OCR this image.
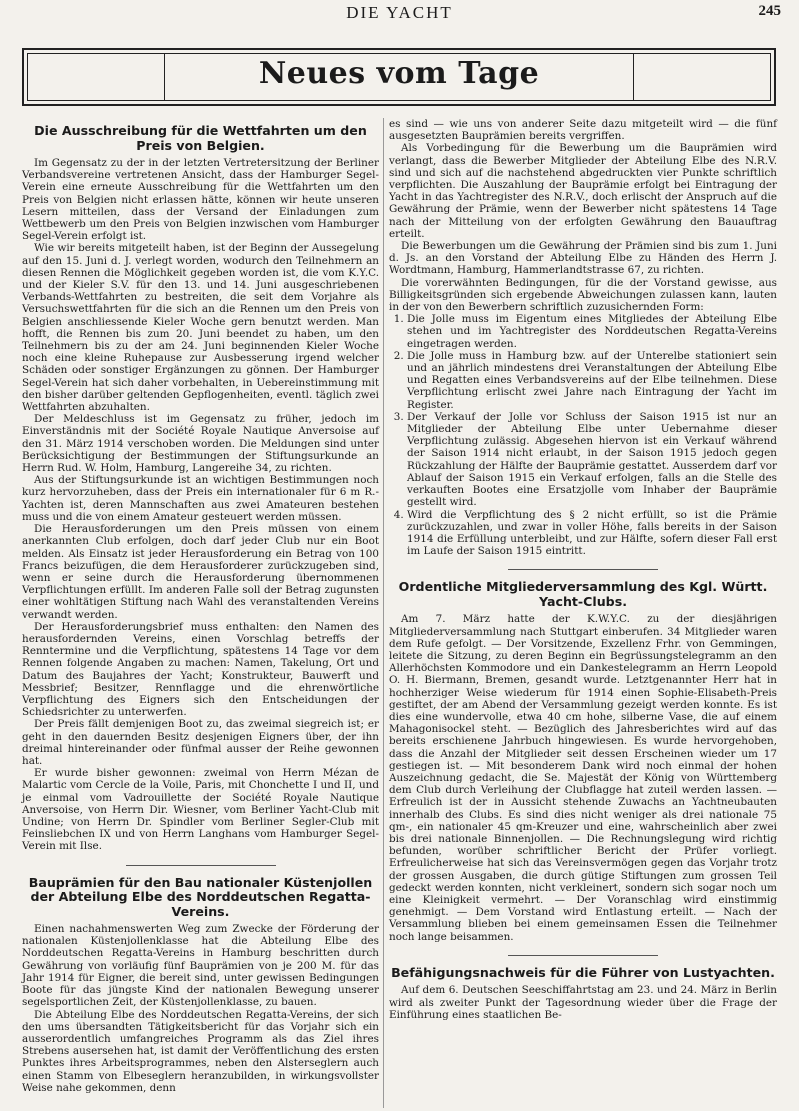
DIE YACHT	245
Neues vom Tage
Die Ausschreibung für die Wettfahrten um den Preis von Belgien.

Im Gegensatz zu der in der letzten Vertretersitzung der Berliner Verbandsvereine vertretenen Ansicht, dass der Hamburger Segel-Verein eine erneute Ausschreibung für die Wettfahrten um den Preis von Belgien nicht erlassen hätte, können wir heute unseren Lesern mitteilen, dass der Versand der Einladungen zum Wettbewerb um den Preis von Belgien inzwischen vom Hamburger Segel-Verein erfolgt ist.

Wie wir bereits mitgeteilt haben, ist der Beginn der Aussegelung auf den 15. Juni d. J. verlegt worden, wodurch den Teilnehmern an diesen Rennen die Möglichkeit gegeben worden ist, die vom K.Y.C. und der Kieler S.V. für den 13. und 14. Juni ausgeschriebenen Verbands-Wettfahrten zu bestreiten, die seit dem Vorjahre als Versuchswettfahrten für die sich an die Rennen um den Preis von Belgien anschliessende Kieler Woche gern benutzt werden. Man hofft, die Rennen bis zum 20. Juni beendet zu haben, um den Teilnehmern bis zu der am 24. Juni beginnenden Kieler Woche noch eine kleine Ruhepause zur Ausbesserung irgend welcher Schäden oder sonstiger Ergänzungen zu gönnen. Der Hamburger Segel-Verein hat sich daher vorbehalten, in Uebereinstimmung mit den bisher darüber geltenden Gepflogenheiten, eventl. täglich zwei Wettfahrten abzuhalten.

Der Meldeschluss ist im Gegensatz zu früher, jedoch im Einverständnis mit der Société Royale Nautique Anversoise auf den 31. März 1914 verschoben worden. Die Meldungen sind unter Berücksichtigung der Bestimmungen der Stiftungsurkunde an Herrn Rud. W. Holm, Hamburg, Langereihe 34, zu richten.

Aus der Stiftungsurkunde ist an wichtigen Bestimmungen noch kurz hervorzuheben, dass der Preis ein internationaler für 6 m R.-Yachten ist, deren Mannschaften aus zwei Amateuren bestehen muss und die von einem Amateur gesteuert werden müssen.

Die Herausforderungen um den Preis müssen von einem anerkannten Club erfolgen, doch darf jeder Club nur ein Boot melden. Als Einsatz ist jeder Herausforderung ein Betrag von 100 Francs beizufügen, die dem Herausforderer zurückzugeben sind, wenn er seine durch die Herausforderung übernommenen Verpflichtungen erfüllt. Im anderen Falle soll der Betrag zugunsten einer wohltätigen Stiftung nach Wahl des veranstaltenden Vereins verwandt werden.

Der Herausforderungsbrief muss enthalten: den Namen des herausfordernden Vereins, einen Vorschlag betreffs der Renntermine und die Verpflichtung, spätestens 14 Tage vor dem Rennen folgende Angaben zu machen: Namen, Takelung, Ort und Datum des Baujahres der Yacht; Konstrukteur, Bauwerft und Messbrief; Besitzer, Rennflagge und die ehrenwörtliche Verpflichtung des Eigners sich den Entscheidungen der Schiedsrichter zu unterwerfen.

Der Preis fällt demjenigen Boot zu, das zweimal siegreich ist; er geht in den dauernden Besitz desjenigen Eigners über, der ihn dreimal hintereinander oder fünfmal ausser der Reihe gewonnen hat.

Er wurde bisher gewonnen: zweimal von Herrn Mézan de Malartic vom Cercle de la Voile, Paris, mit Chonchette I und II, und je einmal vom Vadrouillette der Société Royale Nautique Anversoise, von Herrn Dir. Wiesner, vom Berliner Yacht-Club mit Undine; von Herrn Dr. Spindler vom Berliner Segler-Club mit Feinsliebchen IX und von Herrn Langhans vom Hamburger Segel-Verein mit Ilse.

Bauprämien für den Bau nationaler Küstenjollen der Abteilung Elbe des Norddeutschen Regatta-Vereins.

Einen nachahmenswerten Weg zum Zwecke der Förderung der nationalen Küstenjollenklasse hat die Abteilung Elbe des Norddeutschen Regatta-Vereins in Hamburg beschritten durch Gewährung von vorläufig fünf Bauprämien von je 200 M. für das Jahr 1914 für Eigner, die bereit sind, unter gewissen Bedingungen Boote für das jüngste Kind der nationalen Bewegung unserer segelsportlichen Zeit, der Küstenjollenklasse, zu bauen.

Die Abteilung Elbe des Norddeutschen Regatta-Vereins, der sich den ums übersandten Tätigkeitsbericht für das Vorjahr sich ein ausserordentlich umfangreiches Programm als das Ziel ihres Strebens ausersehen hat, ist damit der Veröffentlichung des ersten Punktes ihres Arbeitsprogrammes, neben den Alsterseglern auch einen Stamm von Elbeseglern heranzubilden, in wirkungsvollster Weise nahe gekommen, denn

es sind — wie uns von anderer Seite dazu mitgeteilt wird — die fünf ausgesetzten Bauprämien bereits vergriffen.

Als Vorbedingung für die Bewerbung um die Bauprämien wird verlangt, dass die Bewerber Mitglieder der Abteilung Elbe des N.R.V. sind und sich auf die nachstehend abgedruckten vier Punkte schriftlich verpflichten. Die Auszahlung der Bauprämie erfolgt bei Eintragung der Yacht in das Yachtregister des N.R.V., doch erlischt der Anspruch auf die Gewährung der Prämie, wenn der Bewerber nicht spätestens 14 Tage nach der Mitteilung von der erfolgten Gewährung den Bauauftrag erteilt.

Die Bewerbungen um die Gewährung der Prämien sind bis zum 1. Juni d. Js. an den Vorstand der Abteilung Elbe zu Händen des Herrn J. Wordtmann, Hamburg, Hammerlandtstrasse 67, zu richten.

Die vorerwähnten Bedingungen, für die der Vorstand gewisse, aus Billigkeitsgründen sich ergebende Abweichungen zulassen kann, lauten in der von den Bewerbern schriftlich zuzusichernden Form:

1. Die Jolle muss im Eigentum eines Mitgliedes der Abteilung Elbe stehen und im Yachtregister des Norddeutschen Regatta-Vereins eingetragen werden.
2. Die Jolle muss in Hamburg bzw. auf der Unterelbe stationiert sein und an jährlich mindestens drei Veranstaltungen der Abteilung Elbe und Regatten eines Verbandsvereins auf der Elbe teilnehmen. Diese Verpflichtung erlischt zwei Jahre nach Eintragung der Yacht im Register.
3. Der Verkauf der Jolle vor Schluss der Saison 1915 ist nur an Mitglieder der Abteilung Elbe unter Uebernahme dieser Verpflichtung zulässig. Abgesehen hiervon ist ein Verkauf während der Saison 1914 nicht erlaubt, in der Saison 1915 jedoch gegen Rückzahlung der Hälfte der Bauprämie gestattet. Ausserdem darf vor Ablauf der Saison 1915 ein Verkauf erfolgen, falls an die Stelle des verkauften Bootes eine Ersatzjolle vom Inhaber der Bauprämie gestellt wird.
4. Wird die Verpflichtung des § 2 nicht erfüllt, so ist die Prämie zurückzuzahlen, und zwar in voller Höhe, falls bereits in der Saison 1914 die Erfüllung unterbleibt, und zur Hälfte, sofern dieser Fall erst im Laufe der Saison 1915 eintritt.
Ordentliche Mitgliederversammlung des Kgl. Württ. Yacht-Clubs.

Am 7. März hatte der K.W.Y.C. zu der diesjährigen Mitgliederversammlung nach Stuttgart einberufen. 34 Mitglieder waren dem Rufe gefolgt. — Der Vorsitzende, Exzellenz Frhr. von Gemmingen, leitete die Sitzung, zu deren Beginn ein Begrüssungstelegramm an den Allerhöchsten Kommodore und ein Dankestelegramm an Herrn Leopold O. H. Biermann, Bremen, gesandt wurde. Letztgenannter Herr hat in hochherziger Weise wiederum für 1914 einen Sophie-Elisabeth-Preis gestiftet, der am Abend der Versammlung gezeigt werden konnte. Es ist dies eine wundervolle, etwa 40 cm hohe, silberne Vase, die auf einem Mahagonisockel steht. — Bezüglich des Jahresberichtes wird auf das bereits erschienene Jahrbuch hingewiesen. Es wurde hervorgehoben, dass die Anzahl der Mitglieder seit dessen Erscheinen wieder um 17 gestiegen ist. — Mit besonderem Dank wird noch einmal der hohen Auszeichnung gedacht, die Se. Majestät der König von Württemberg dem Club durch Verleihung der Clubflagge hat zuteil werden lassen. — Erfreulich ist der in Aussicht stehende Zuwachs an Yachtneubauten innerhalb des Clubs. Es sind dies nicht weniger als drei nationale 75 qm-, ein nationaler 45 qm-Kreuzer und eine, wahrscheinlich aber zwei bis drei nationale Binnenjollen. — Die Rechnungslegung wird richtig befunden, worüber schriftlicher Bericht der Prüfer vorliegt. Erfreulicherweise hat sich das Vereinsvermögen gegen das Vorjahr trotz der grossen Ausgaben, die durch gütige Stiftungen zum grossen Teil gedeckt werden konnten, nicht verkleinert, sondern sich sogar noch um eine Kleinigkeit vermehrt. — Der Voranschlag wird einstimmig genehmigt. — Dem Vorstand wird Entlastung erteilt. — Nach der Versammlung blieben bei einem gemeinsamen Essen die Teilnehmer noch lange beisammen.

Befähigungsnachweis für die Führer von Lustyachten.

Auf dem 6. Deutschen Seeschiffahrtstag am 23. und 24. März in Berlin wird als zweiter Punkt der Tagesordnung wieder über die Frage der Einführung eines staatlichen Be-
